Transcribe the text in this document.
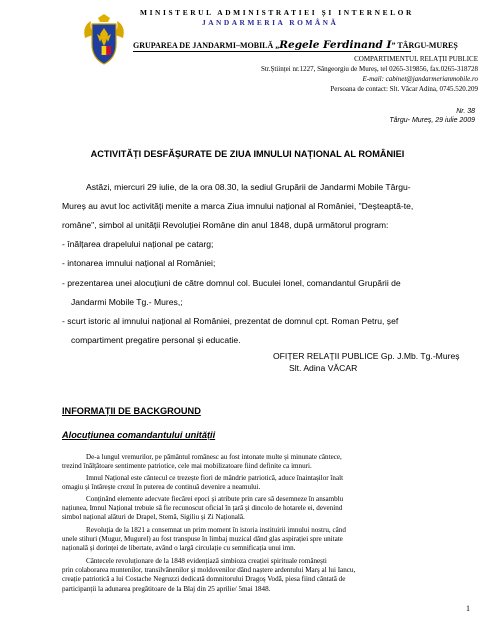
MINISTERUL ADMINISTRATIEI ȘI INTERNELOR
JANDARMERIA ROMÂNĂ
GRUPAREA DE JANDARMI–MOBILĂ „Regele Ferdinand I” TÂRGU-MUREȘ
COMPARTIMENTUL RELAȚII PUBLICE
Str.Științei nr.1227, Sângeorgiu de Mureș, tel 0265-319856, fax.0265-318728
E-mail: cabinet@jandarmerianmobile.ro
Persoana de contact: Slt. Văcar Adina, 0745.520.209
Nr. 38
Târgu- Mureș, 29 iulie 2009
ACTIVITĂȚI DESFĂȘURATE DE ZIUA IMNULUI NAȚIONAL AL ROMÂNIEI
Astăzi, miercuri 29 iulie, de la ora 08.30, la sediul Grupării de Jandarmi Mobile Târgu-
Mureș au avut loc activități menite a marca Ziua imnului național al României, "Deșteaptă-te,
române", simbol al unității Revoluției Române din anul 1848, după următorul program:
- înălțarea drapelului național pe catarg;
- intonarea imnului național al României;
- prezentarea unei alocuțiuni de către domnul col. Buculei Ionel, comandantul Grupării de
Jandarmi Mobile Tg.- Mures,;
- scurt istoric al imnului național al României, prezentat de domnul cpt. Roman Petru, șef
compartiment pregatire personal și educatie.
OFIȚER RELAȚII PUBLICE Gp. J.Mb. Tg.-Mureș
Slt. Adina VĂCAR
INFORMAȚII DE BACKGROUND
Alocuțiunea comandantului unității
De-a lungul vremurilor, pe pământul românesc au fost intonate multe și minunate cântece,
trezind înălțătoare sentimente patriotice, cele mai mobilizatoare fiind definite ca imnuri.
Imnul Național este cântecul ce trezește fiori de mândrie patriotică, aduce înaintașilor înalt
omagiu și întărește crezul în puterea de continuă devenire a neamului.
Conținând elemente adecvate fiecărei epoci și atribute prin care să desemneze în ansamblu
națiunea, Imnul Național trebuie să fie recunoscut oficial în țară și dincolo de hotarele ei, devenind
simbol național alături de Drapel, Stemă, Sigiliu și Zi Națională.
Revoluția de la 1821 a consemnat un prim moment în istoria instituirii imnului nostru, când
unele stihuri (Mugur, Mugurel) au fost transpuse în limbaj muzical dând glas aspirației spre unitate
națională și dorinței de libertate, având o largă circulație cu semnificația unui imn.
Cântecele revoluționare de la 1848 evidențiază simbioza creației spirituale românești
prin colaborarea muntenilor, transilvănenilor și moldovenilor dând naștere ardentului Marș al lui Iancu,
creație patriotică a lui Costache Negruzzi dedicată domnitorului Dragoș Vodă, piesa fiind cântată de
participanții la adunarea pregătitoare de la Blaj din 25 aprilie/ 5mai 1848.
1
